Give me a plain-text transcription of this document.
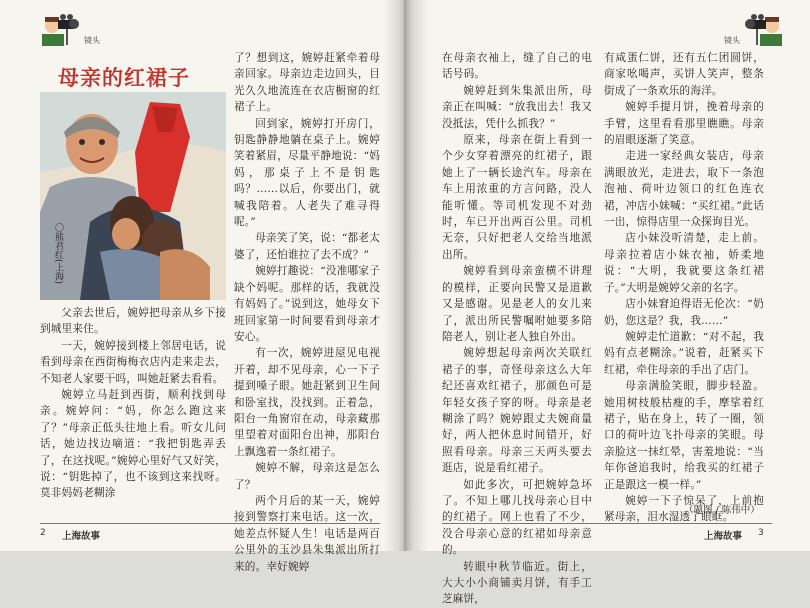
镜头
母亲的红裙子
〇熊君红(上海)

父亲去世后，婉婷把母亲从乡下接到城里来住。

一天，婉婷接到楼上邻居电话，说看到母亲在西街梅梅衣店内走来走去，不知老人家要干吗，叫她赶紧去看看。

婉婷立马赶到西街，顺利找到母亲。婉婷问：“妈，你怎么跑这来了？”母亲正低头往地上看。听女儿问话，她边找边嘀道：“我把钥匙弄丢了，在这找呢。”婉婷心里好气又好笑，说：“钥匙掉了，也不该到这来找呀。莫非妈妈老糊涂

了？想到这，婉婷赶紧牵着母亲回家。母亲边走边回头，目光久久地流连在衣店橱窗的红裙子上。

回到家，婉婷打开房门，钥匙静静地躺在桌子上。婉婷笑着紧眉，尽量平静地说：“妈妈，那桌子上不是钥匙吗？……以后，你要出门，就喊我陪着。人老失了难寻得呢。”

母亲笑了笑，说：“都老太婆了，还怕谁拉了去不成？”

婉婷打趣说：“没准哪家子缺个妈呢。那样的话，我就没有妈妈了。”说到这，她母女下班回家第一时间要看到母亲才安心。

有一次，婉婷进屋见电视开着，却不见母亲，心一下子提到嗓子眼。她赶紧到卫生间和卧室找，没找到。正着急，阳台一角窗帘在动，母亲藏那里望着对面阳台出神，那阳台上飘逸着一条红裙子。

婉婷不解，母亲这是怎么了？

两个月后的某一天，婉婷接到警察打来电话。这一次，她差点怀疑人生！电话是两百公里外的玉沙县朱集派出所打来的。幸好婉婷

2 上海故事
镜头

在母亲衣袖上，缝了自己的电话号码。

婉婷赶到朱集派出所，母亲正在叫喊：“放我出去！我又没抵法，凭什么抓我？”

原来，母亲在街上看到一个少女穿着漂亮的红裙子，跟她上了一辆长途汽车。母亲在车上用浓重的方言问路，没人能听懂。等司机发现不对劲时，车已开出两百公里。司机无奈，只好把老人交给当地派出所。

婉婷看到母亲蛮横不讲理的模样，正要向民警又是道歉又是感谢。见是老人的女儿来了，派出所民警嘱咐她要多陪陪老人，别让老人独自外出。

婉婷想起母亲两次关联红裙子的事，奇怪母亲这么大年纪还喜欢红裙子，那颜色可是年轻女孩子穿的呀。母亲是老糊涂了吗？婉婷跟丈夫婉商量好，两人把休息时间错开，好照看母亲。母亲三天两头要去逛店，说是看红裙子。

如此多次，可把婉婷急坏了。不知上哪儿找母亲心目中的红裙子。网上也看了不少，没合母亲心意的红裙如母亲意的。

转眼中秋节临近。街上，大大小小商铺卖月饼，有手工芝麻饼，

有咸蛋仁饼，还有五仁团圆饼，商家吆喝声，买饼人笑声，整条街成了一条欢乐的海洋。

婉婷手提月饼，挽着母亲的手臂，这里看看那里瞧瞧。母亲的眉眼逐渐了笑意。

走进一家经典女装店，母亲满眼放光，走进去，取下一条泡泡袖、荷叶边领口的红色连衣裙，冲店小妹喊：“买红裙。”此话一出，惊得店里一众探询目光。

店小妹没听清楚，走上前。母亲拉着店小妹衣袖，娇柔地说：“大明，我就要这条红裙子。”大明是婉婷父亲的名字。

店小妹窘迫得语无伦次：“奶奶，您这是？我，我……”

婉婷走忙道歉：“对不起，我妈有点老糊涂。”说着，赶紧买下红裙，牵住母亲的手出了店门。

母亲满脸笑眼，脚步轻盈。她用树枝般枯瘦的手，摩挲着红裙子，贴在身上，转了一圈，领口的荷叶边飞扑母亲的笑眼。母亲脸这一抹红晕，害羞地说：“当年你爸追我时，给我买的红裙子正是跟这一模一样。”

婉婷一下子惊呆了，上前抱紧母亲，泪水湿透了眼眶。

（题图 / 陈伟中）
上海故事 3
